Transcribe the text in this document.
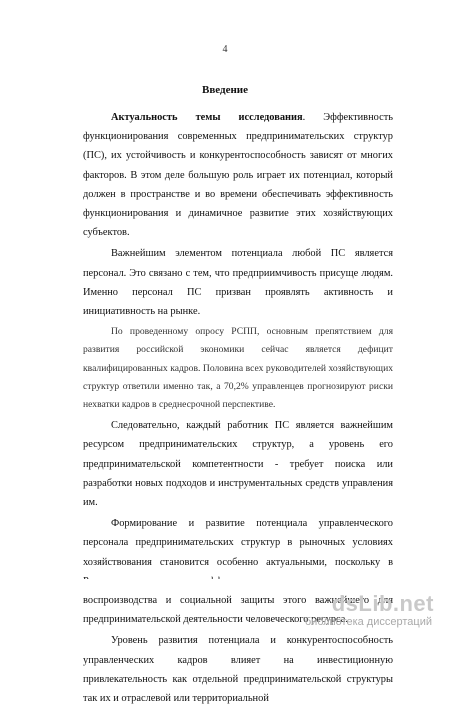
4
Введение

Актуальность темы исследования. Эффективность функционирования современных предпринимательских структур (ПС), их устойчивость и конкурентоспособность зависят от многих факторов. В этом деле большую роль играет их потенциал, который должен в пространстве и во времени обеспечивать эффективность функционирования и динамичное развитие этих хозяйствующих субъектов.

Важнейшим элементом потенциала любой ПС является персонал. Это связано с тем, что предприимчивость присуще людям. Именно персонал ПС призван проявлять активность и инициативность на рынке.

По проведенному опросу РСПП, основным препятствием для развития российской экономики сейчас является дефицит квалифицированных кадров. Половина всех руководителей хозяйствующих структур ответили именно так, а 70,2% управленцев прогнозируют риски нехватки кадров в среднесрочной перспективе.

Следовательно, каждый работник ПС является важнейшим ресурсом предпринимательских структур, а уровень его предпринимательской компетентности - требует поиска или разработки новых подходов и инструментальных средств управления им.

Формирование и развитие потенциала управленческого персонала предпринимательских структур в рыночных условиях хозяйствования становится особенно актуальными, поскольку в воспроизводства и социальной защиты этого важнейшего для предпринимательской деятельности человеческого ресурса.

Уровень развития потенциала и конкурентоспособность управленческих кадров влияет на инвестиционную привлекательность как отдельной предпринимательской структуры так их и отраслевой или территориальной

dsLib.net
библиотека диссертаций
